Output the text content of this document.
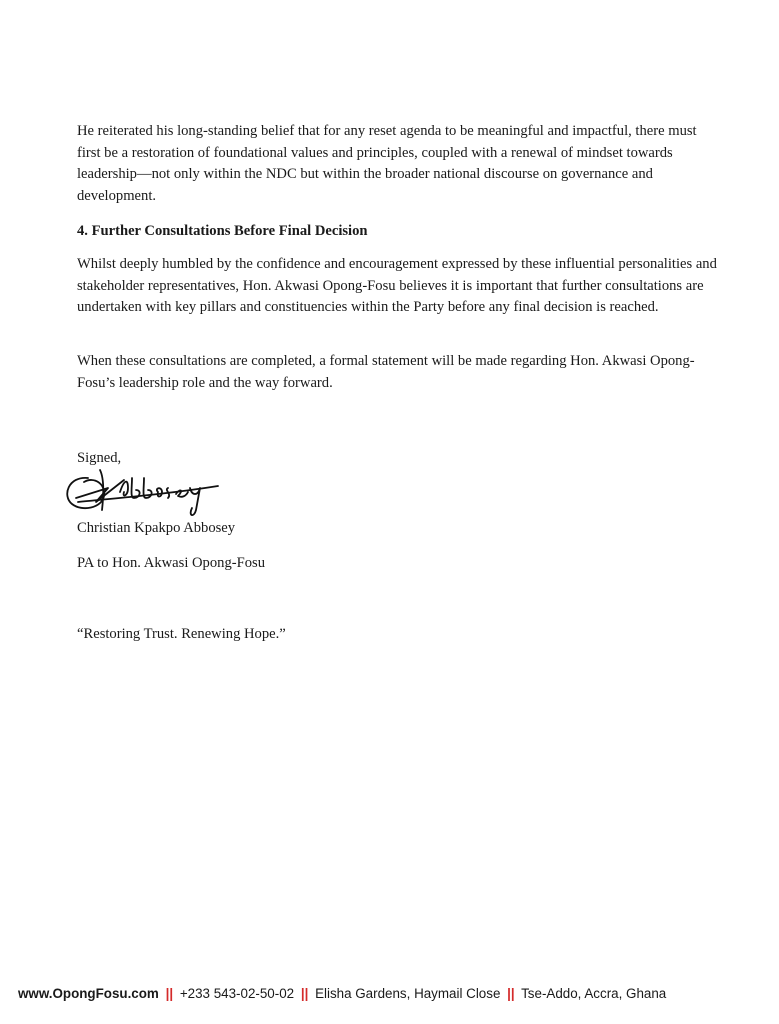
He reiterated his long-standing belief that for any reset agenda to be meaningful and impactful, there must first be a restoration of foundational values and principles, coupled with a renewal of mindset towards leadership—not only within the NDC but within the broader national discourse on governance and development.
4. Further Consultations Before Final Decision
Whilst deeply humbled by the confidence and encouragement expressed by these influential personalities and stakeholder representatives, Hon. Akwasi Opong-Fosu believes it is important that further consultations are undertaken with key pillars and constituencies within the Party before any final decision is reached.
When these consultations are completed, a formal statement will be made regarding Hon. Akwasi Opong-Fosu’s leadership role and the way forward.
Signed,
Christian Kpakpo Abbosey
PA to Hon. Akwasi Opong-Fosu
“Restoring Trust. Renewing Hope.”
www.OpongFosu.com || +233 543-02-50-02 || Elisha Gardens, Haymail Close || Tse-Addo, Accra, Ghana
